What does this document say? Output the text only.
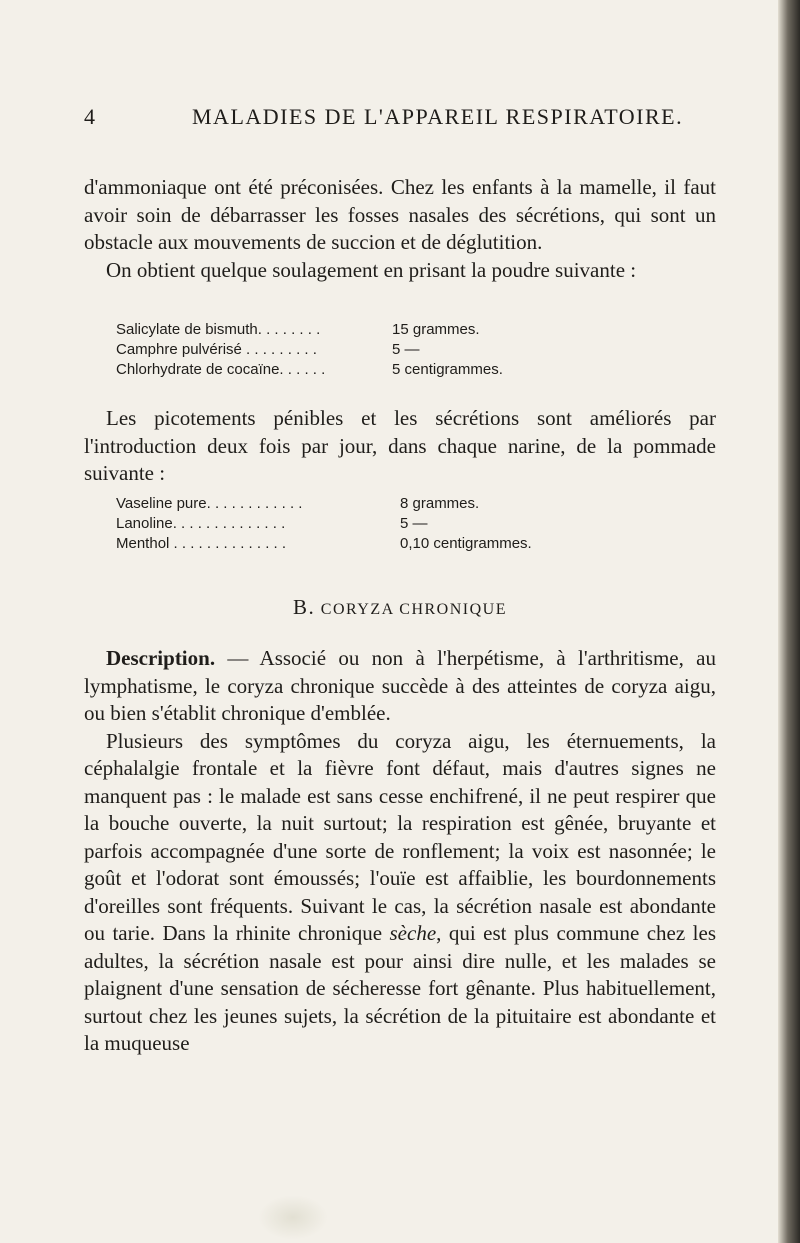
4	MALADIES DE L'APPAREIL RESPIRATOIRE.

d'ammoniaque ont été préconisées. Chez les enfants à la mamelle, il faut avoir soin de débarrasser les fosses nasales des sécrétions, qui sont un obstacle aux mouvements de succion et de déglutition.

On obtient quelque soulagement en prisant la poudre suivante :

Salicylate de bismuth. . . . . . . .	15 grammes.
Camphre pulvérisé . . . . . . . . .	5 —
Chlorhydrate de cocaïne. . . . . .	5 centigrammes.

Les picotements pénibles et les sécrétions sont améliorés par l'introduction deux fois par jour, dans chaque narine, de la pommade suivante :

Vaseline pure. . . . . . . . . . . .	8 grammes.
Lanoline. . . . . . . . . . . . . .	5 —
Menthol . . . . . . . . . . . . . .	0,10 centigrammes.
B. CORYZA CHRONIQUE

Description. — Associé ou non à l'herpétisme, à l'arthritisme, au lymphatisme, le coryza chronique succède à des atteintes de coryza aigu, ou bien s'établit chronique d'emblée.

Plusieurs des symptômes du coryza aigu, les éternuements, la céphalalgie frontale et la fièvre font défaut, mais d'autres signes ne manquent pas : le malade est sans cesse enchifrené, il ne peut respirer que la bouche ouverte, la nuit surtout; la respiration est gênée, bruyante et parfois accompagnée d'une sorte de ronflement; la voix est nasonnée; le goût et l'odorat sont émoussés; l'ouïe est affaiblie, les bourdonnements d'oreilles sont fréquents. Suivant le cas, la sécrétion nasale est abondante ou tarie. Dans la rhinite chronique sèche, qui est plus commune chez les adultes, la sécrétion nasale est pour ainsi dire nulle, et les malades se plaignent d'une sensation de sécheresse fort gênante. Plus habituellement, surtout chez les jeunes sujets, la sécrétion de la pituitaire est abondante et la muqueuse
